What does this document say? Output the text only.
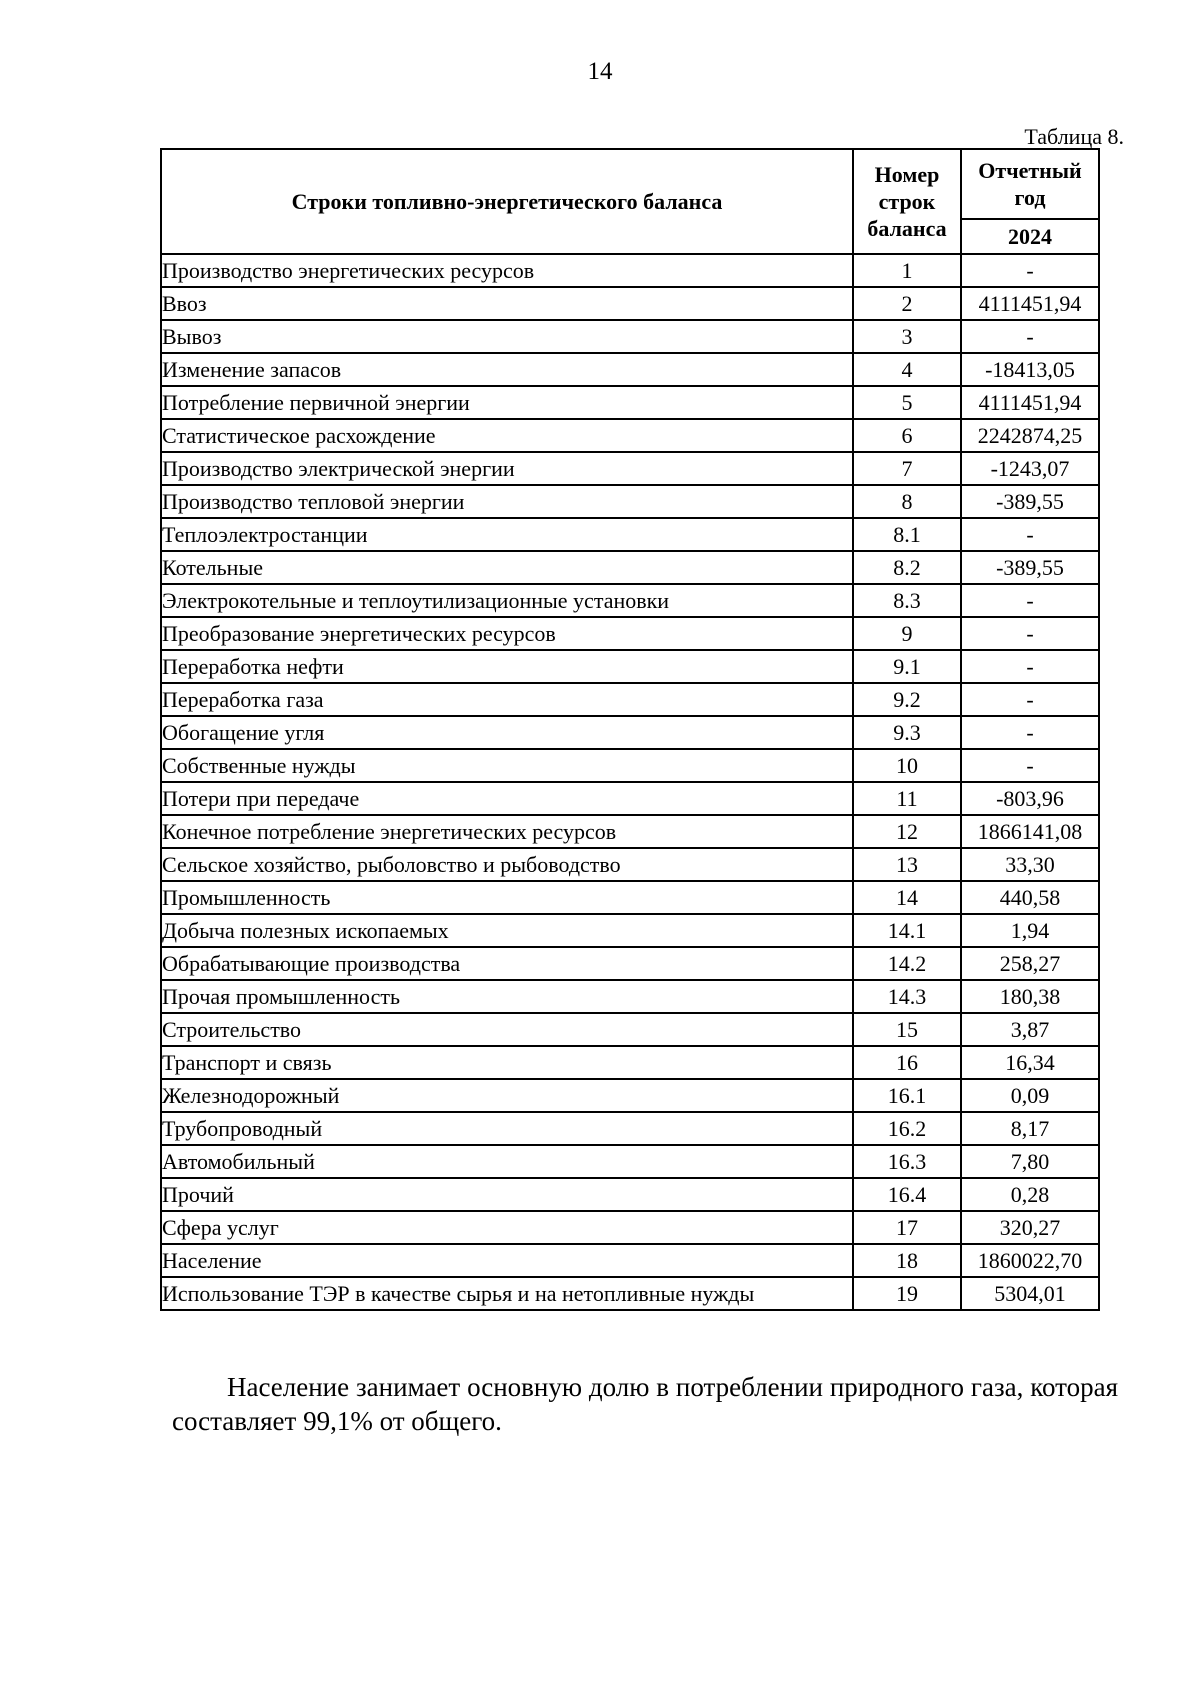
14
Таблица 8.
Строки топливно-энергетического баланса	Номер строк баланса	Отчетный год
		2024
Производство энергетических ресурсов	1	-
Ввоз	2	4111451,94
Вывоз	3	-
Изменение запасов	4	-18413,05
Потребление первичной энергии	5	4111451,94
Статистическое расхождение	6	2242874,25
Производство электрической энергии	7	-1243,07
Производство тепловой энергии	8	-389,55
Теплоэлектростанции	8.1	-
Котельные	8.2	-389,55
Электрокотельные и теплоутилизационные установки	8.3	-
Преобразование энергетических ресурсов	9	-
Переработка нефти	9.1	-
Переработка газа	9.2	-
Обогащение угля	9.3	-
Собственные нужды	10	-
Потери при передаче	11	-803,96
Конечное потребление энергетических ресурсов	12	1866141,08
Сельское хозяйство, рыболовство и рыбоводство	13	33,30
Промышленность	14	440,58
Добыча полезных ископаемых	14.1	1,94
Обрабатывающие производства	14.2	258,27
Прочая промышленность	14.3	180,38
Строительство	15	3,87
Транспорт и связь	16	16,34
Железнодорожный	16.1	0,09
Трубопроводный	16.2	8,17
Автомобильный	16.3	7,80
Прочий	16.4	0,28
Сфера услуг	17	320,27
Население	18	1860022,70
Использование ТЭР в качестве сырья и на нетопливные нужды	19	5304,01

Население занимает основную долю в потреблении природного газа, которая составляет 99,1% от общего.
